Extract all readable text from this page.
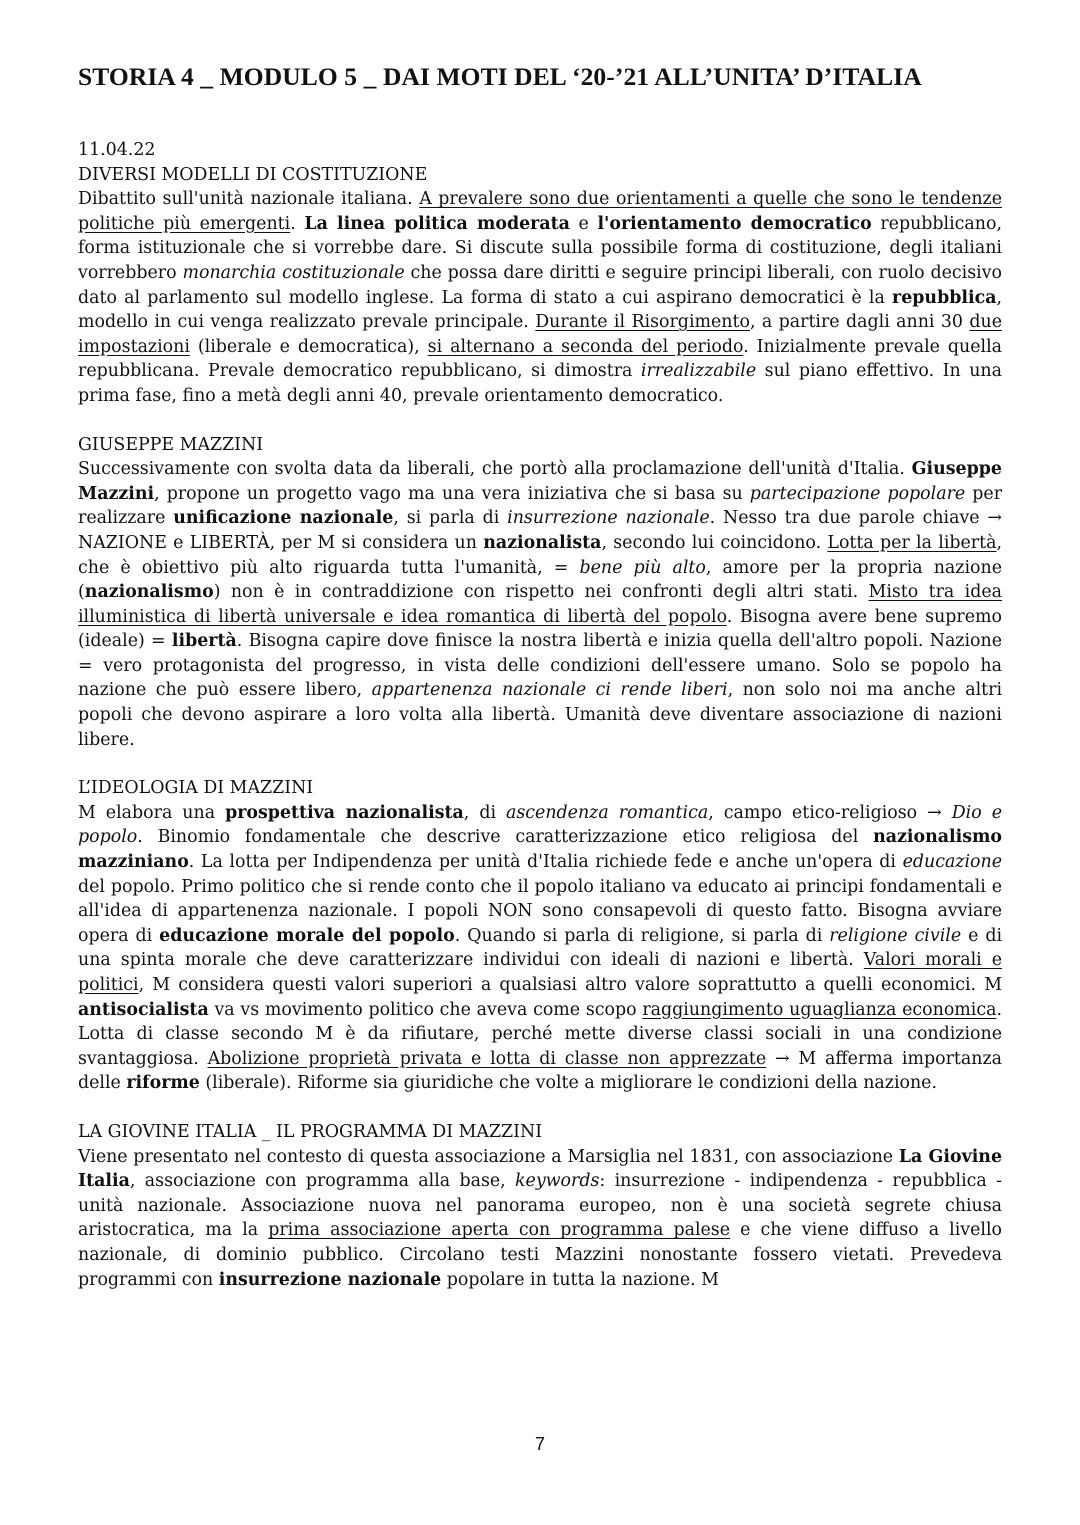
STORIA 4 _ MODULO 5 _ DAI MOTI DEL ‘20-’21 ALL’UNITA’ D’ITALIA
11.04.22
DIVERSI MODELLI DI COSTITUZIONE

Dibattito sull'unità nazionale italiana. A prevalere sono due orientamenti a quelle che sono le tendenze politiche più emergenti. La linea politica moderata e l'orientamento democratico repubblicano, forma istituzionale che si vorrebbe dare. Si discute sulla possibile forma di costituzione, degli italiani vorrebbero monarchia costituzionale che possa dare diritti e seguire principi liberali, con ruolo decisivo dato al parlamento sul modello inglese. La forma di stato a cui aspirano democratici è la repubblica, modello in cui venga realizzato prevale principale. Durante il Risorgimento, a partire dagli anni 30 due impostazioni (liberale e democratica), si alternano a seconda del periodo. Inizialmente prevale quella repubblicana. Prevale democratico repubblicano, si dimostra irrealizzabile sul piano effettivo. In una prima fase, fino a metà degli anni 40, prevale orientamento democratico.

GIUSEPPE MAZZINI

Successivamente con svolta data da liberali, che portò alla proclamazione dell'unità d'Italia. Giuseppe Mazzini, propone un progetto vago ma una vera iniziativa che si basa su partecipazione popolare per realizzare unificazione nazionale, si parla di insurrezione nazionale. Nesso tra due parole chiave → NAZIONE e LIBERTÀ, per M si considera un nazionalista, secondo lui coincidono. Lotta per la libertà, che è obiettivo più alto riguarda tutta l'umanità, = bene più alto, amore per la propria nazione (nazionalismo) non è in contraddizione con rispetto nei confronti degli altri stati. Misto tra idea illuministica di libertà universale e idea romantica di libertà del popolo. Bisogna avere bene supremo (ideale) = libertà. Bisogna capire dove finisce la nostra libertà e inizia quella dell'altro popoli. Nazione = vero protagonista del progresso, in vista delle condizioni dell'essere umano. Solo se popolo ha nazione che può essere libero, appartenenza nazionale ci rende liberi, non solo noi ma anche altri popoli che devono aspirare a loro volta alla libertà. Umanità deve diventare associazione di nazioni libere.

L’IDEOLOGIA DI MAZZINI

M elabora una prospettiva nazionalista, di ascendenza romantica, campo etico-religioso → Dio e popolo. Binomio fondamentale che descrive caratterizzazione etico religiosa del nazionalismo mazziniano. La lotta per Indipendenza per unità d'Italia richiede fede e anche un'opera di educazione del popolo. Primo politico che si rende conto che il popolo italiano va educato ai principi fondamentali e all'idea di appartenenza nazionale. I popoli NON sono consapevoli di questo fatto. Bisogna avviare opera di educazione morale del popolo. Quando si parla di religione, si parla di religione civile e di una spinta morale che deve caratterizzare individui con ideali di nazioni e libertà. Valori morali e politici, M considera questi valori superiori a qualsiasi altro valore soprattutto a quelli economici. M antisocialista va vs movimento politico che aveva come scopo raggiungimento uguaglianza economica. Lotta di classe secondo M è da rifiutare, perché mette diverse classi sociali in una condizione svantaggiosa. Abolizione proprietà privata e lotta di classe non apprezzate → M afferma importanza delle riforme (liberale). Riforme sia giuridiche che volte a migliorare le condizioni della nazione.

LA GIOVINE ITALIA _ IL PROGRAMMA DI MAZZINI

Viene presentato nel contesto di questa associazione a Marsiglia nel 1831, con associazione La Giovine Italia, associazione con programma alla base, keywords: insurrezione - indipendenza - repubblica - unità nazionale. Associazione nuova nel panorama europeo, non è una società segrete chiusa aristocratica, ma la prima associazione aperta con programma palese e che viene diffuso a livello nazionale, di dominio pubblico. Circolano testi Mazzini nonostante fossero vietati. Prevedeva programmi con insurrezione nazionale popolare in tutta la nazione. M

7
